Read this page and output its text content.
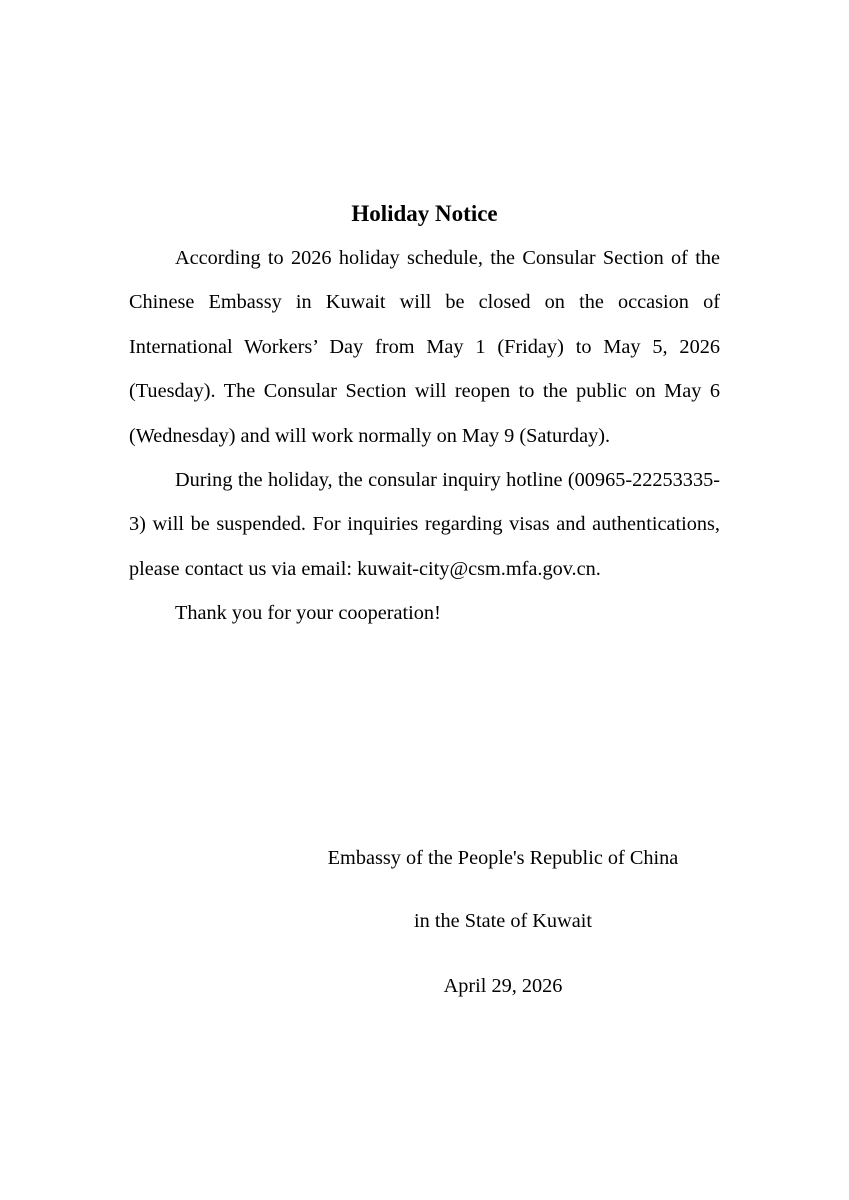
Holiday Notice

According to 2026 holiday schedule, the Consular Section of the Chinese Embassy in Kuwait will be closed on the occasion of International Workers’ Day from May 1 (Friday) to May 5, 2026 (Tuesday). The Consular Section will reopen to the public on May 6 (Wednesday) and will work normally on May 9 (Saturday).

During the holiday, the consular inquiry hotline (00965-22253335-3) will be suspended. For inquiries regarding visas and authentications, please contact us via email: kuwait-city@csm.mfa.gov.cn.

Thank you for your cooperation!

Embassy of the People's Republic of China
in the State of Kuwait
April 29, 2026
